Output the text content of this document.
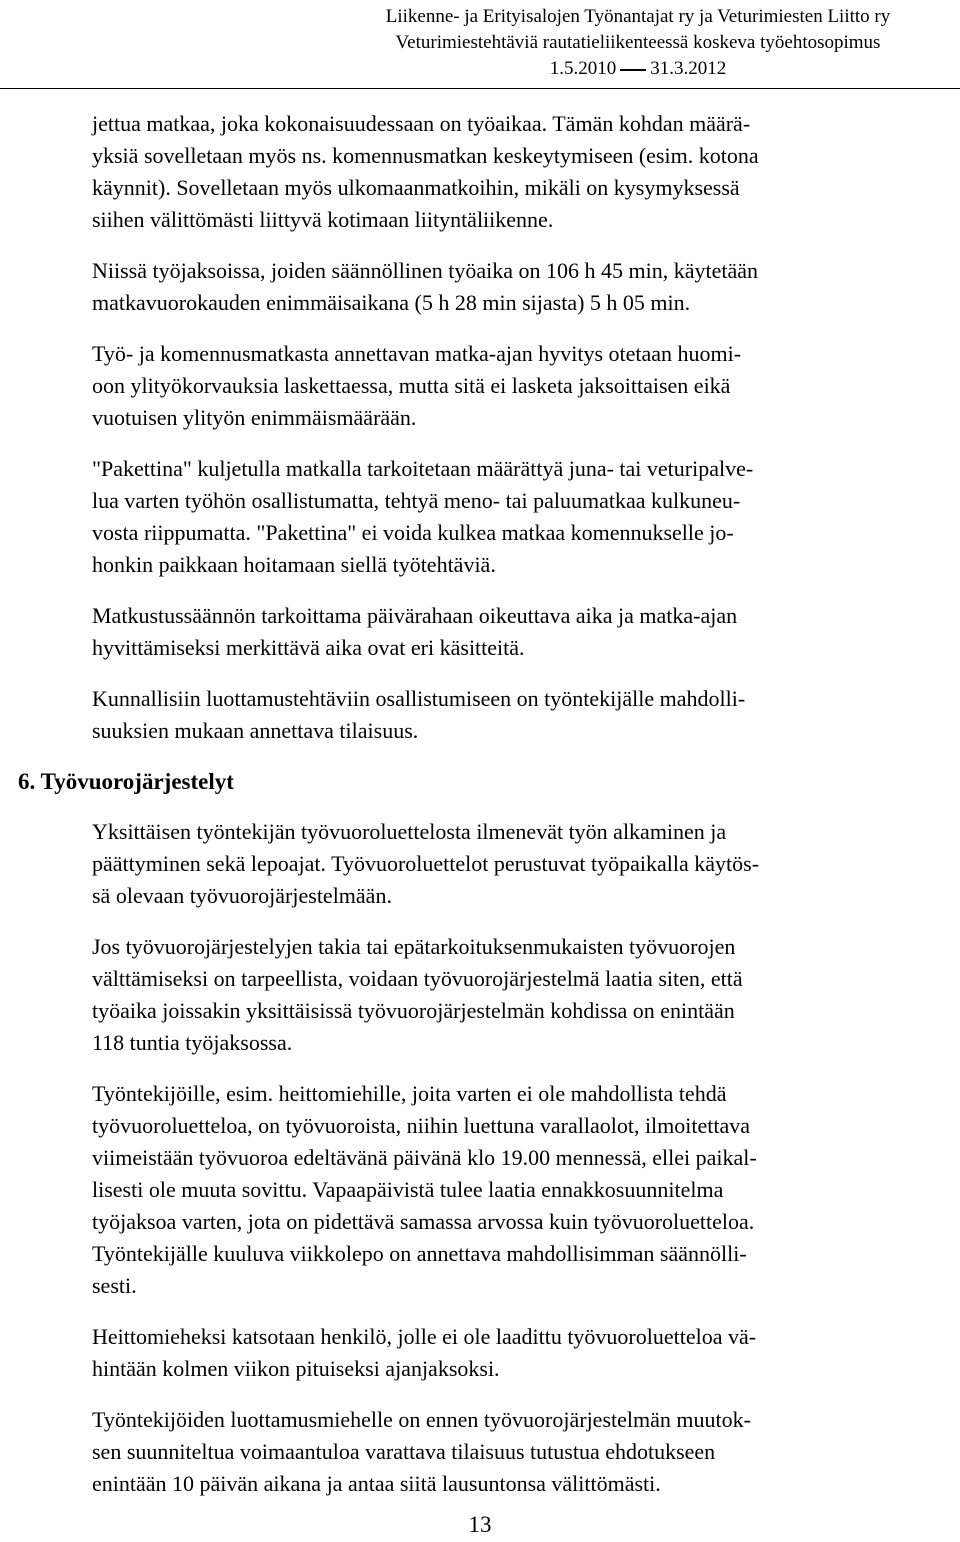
Liikenne- ja Erityisalojen Työnantajat ry ja Veturimiesten Liitto ry
Veturimiestehtäviä rautatieliikenteessä koskeva työehtosopimus
1.5.2010 31.3.2012

jettua matkaa, joka kokonaisuudessaan on työaikaa. Tämän kohdan määrä-
yksiä sovelletaan myös ns. komennusmatkan keskeytymiseen (esim. kotona
käynnit). Sovelletaan myös ulkomaanmatkoihin, mikäli on kysymyksessä
siihen välittömästi liittyvä kotimaan liityntäliikenne.

Niissä työjaksoissa, joiden säännöllinen työaika on 106 h 45 min, käytetään
matkavuorokauden enimmäisaikana (5 h 28 min sijasta) 5 h 05 min.

Työ- ja komennusmatkasta annettavan matka-ajan hyvitys otetaan huomi-
oon ylityökorvauksia laskettaessa, mutta sitä ei lasketa jaksoittaisen eikä
vuotuisen ylityön enimmäismäärään.

"Pakettina" kuljetulla matkalla tarkoitetaan määrättyä juna- tai veturipalve-
lua varten työhön osallistumatta, tehtyä meno- tai paluumatkaa kulkuneu-
vosta riippumatta. "Pakettina" ei voida kulkea matkaa komennukselle jo-
honkin paikkaan hoitamaan siellä työtehtäviä.

Matkustussäännön tarkoittama päivärahaan oikeuttava aika ja matka-ajan
hyvittämiseksi merkittävä aika ovat eri käsitteitä.

Kunnallisiin luottamustehtäviin osallistumiseen on työntekijälle mahdolli-
suuksien mukaan annettava tilaisuus.

6. Työvuorojärjestelyt

Yksittäisen työntekijän työvuoroluettelosta ilmenevät työn alkaminen ja
päättyminen sekä lepoajat. Työvuoroluettelot perustuvat työpaikalla käytös-
sä olevaan työvuorojärjestelmään.

Jos työvuorojärjestelyjen takia tai epätarkoituksenmukaisten työvuorojen
välttämiseksi on tarpeellista, voidaan työvuorojärjestelmä laatia siten, että
työaika joissakin yksittäisissä työvuorojärjestelmän kohdissa on enintään
118 tuntia työjaksossa.

Työntekijöille, esim. heittomiehille, joita varten ei ole mahdollista tehdä
työvuoroluetteloa, on työvuoroista, niihin luettuna varallaolot, ilmoitettava
viimeistään työvuoroa edeltävänä päivänä klo 19.00 mennessä, ellei paikal-
lisesti ole muuta sovittu. Vapaapäivistä tulee laatia ennakkosuunnitelma
työjaksoa varten, jota on pidettävä samassa arvossa kuin työvuoroluetteloa.
Työntekijälle kuuluva viikkolepo on annettava mahdollisimman säännölli-
sesti.

Heittomieheksi katsotaan henkilö, jolle ei ole laadittu työvuoroluetteloa vä-
hintään kolmen viikon pituiseksi ajanjaksoksi.

Työntekijöiden luottamusmiehelle on ennen työvuorojärjestelmän muutok-
sen suunniteltua voimaantuloa varattava tilaisuus tutustua ehdotukseen
enintään 10 päivän aikana ja antaa siitä lausuntonsa välittömästi.

13
